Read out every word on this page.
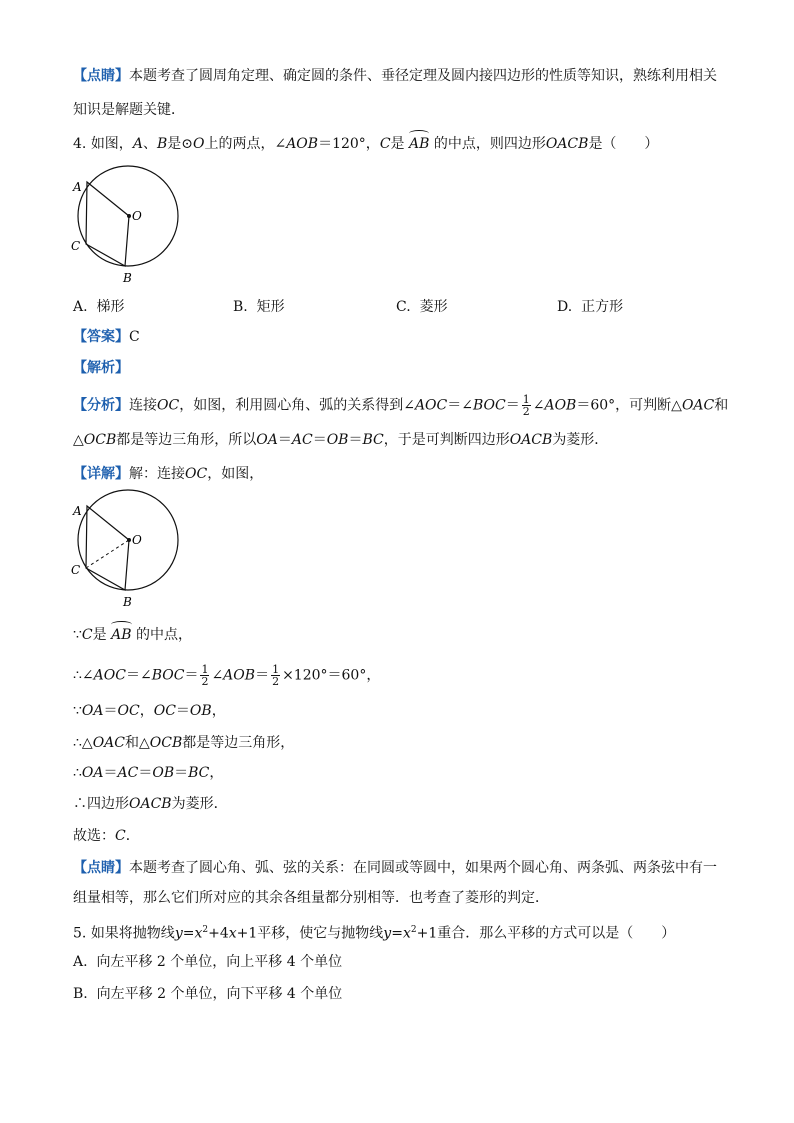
【点睛】本题考查了圆周角定理、确定圆的条件、垂径定理及圆内接四边形的性质等知识，熟练利用相关
知识是解题关键．
4. 如图，A、B是⊙O上的两点，∠AOB＝120°，C是 AB 的中点，则四边形OACB是（　　）
A
O
C
B
A. 梯形	B. 矩形	C. 菱形	D. 正方形
【答案】C
【解析】
【分析】连接OC，如图，利用圆心角、弧的关系得到∠AOC＝∠BOC＝ $\frac{1}{2}$ ∠AOB＝60°，可判断△OAC和
△OCB都是等边三角形，所以OA＝AC＝OB＝BC，于是可判断四边形OACB为菱形．
【详解】解：连接OC，如图，
A
O
C
B
∵C是 AB 的中点，
∴∠AOC＝∠BOC＝ $\frac{1}{2}$ ∠AOB＝ $\frac{1}{2} \times 120^\circ=60^\circ$，
∵OA＝OC，OC＝OB，
∴△OAC和△OCB都是等边三角形，
∴OA＝AC＝OB＝BC，
∴四边形OACB为菱形．
故选：C．
【点睛】本题考查了圆心角、弧、弦的关系：在同圆或等圆中，如果两个圆心角、两条弧、两条弦中有一
组量相等，那么它们所对应的其余各组量都分别相等．也考查了菱形的判定．
5. 如果将抛物线$y=x^2+4x+1$平移，使它与抛物线$y=x^2+1$重合．那么平移的方式可以是（　　）
A. 向左平移 2 个单位，向上平移 4 个单位
B. 向左平移 2 个单位，向下平移 4 个单位
